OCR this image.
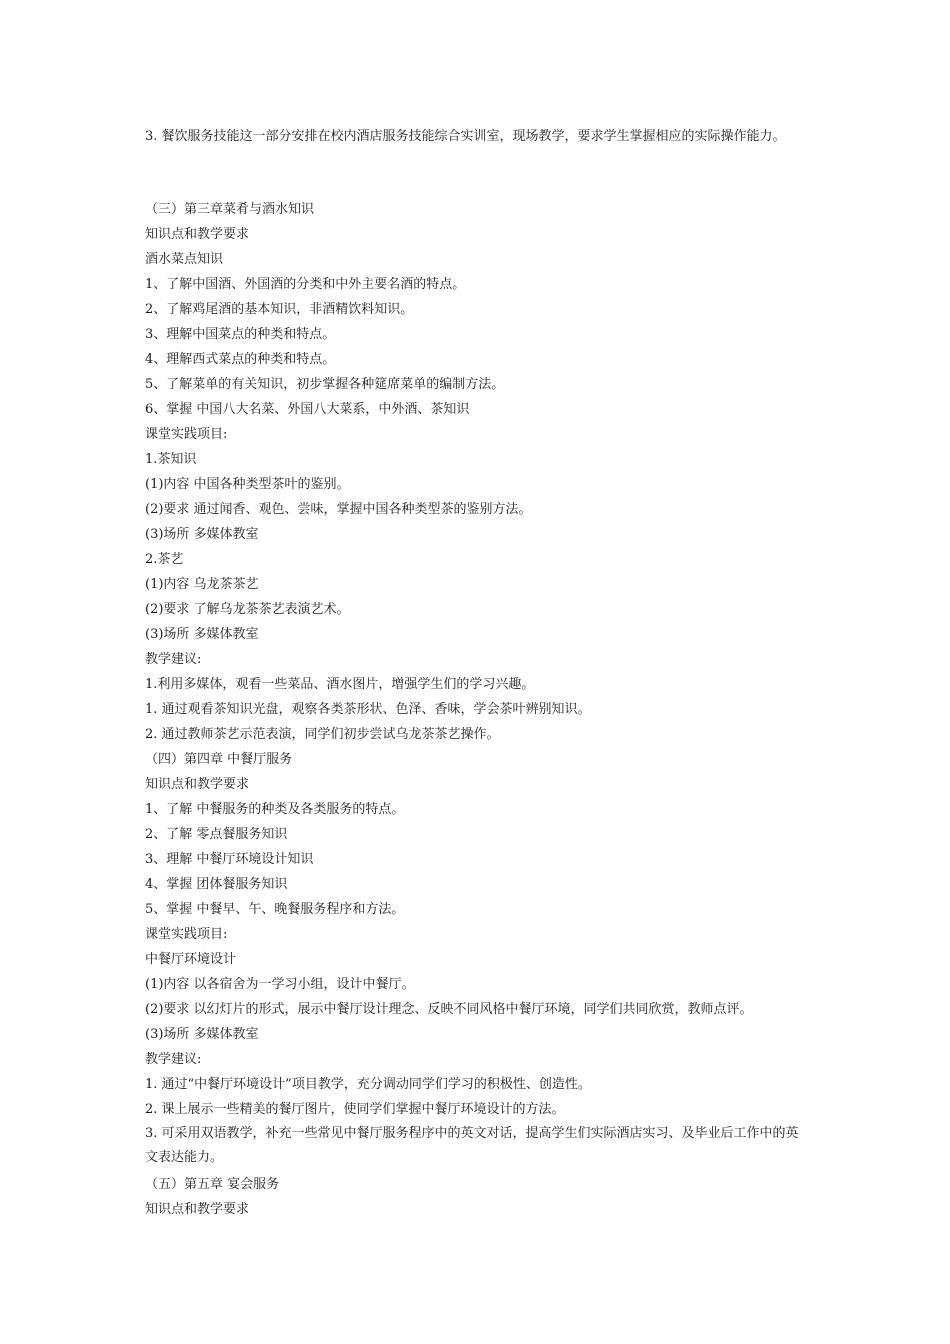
3. 餐饮服务技能这一部分安排在校内酒店服务技能综合实训室，现场教学，要求学生掌握相应的实际操作能力。

（三）第三章菜肴与酒水知识

知识点和教学要求

酒水菜点知识

1、了解中国酒、外国酒的分类和中外主要名酒的特点。

2、了解鸡尾酒的基本知识，非酒精饮料知识。

3、理解中国菜点的种类和特点。

4、理解西式菜点的种类和特点。

5、了解菜单的有关知识，初步掌握各种筵席菜单的编制方法。

6、掌握 中国八大名菜、外国八大菜系，中外酒、茶知识

课堂实践项目:

1.茶知识

(1)内容 中国各种类型茶叶的鉴别。

(2)要求 通过闻香、观色、尝味，掌握中国各种类型茶的鉴别方法。

(3)场所 多媒体教室

2.茶艺

(1)内容 乌龙茶茶艺

(2)要求 了解乌龙茶茶艺表演艺术。

(3)场所 多媒体教室

教学建议:

1.利用多媒体，观看一些菜品、酒水图片，增强学生们的学习兴趣。

1. 通过观看茶知识光盘，观察各类茶形状、色泽、香味，学会茶叶辨别知识。

2. 通过教师茶艺示范表演，同学们初步尝试乌龙茶茶艺操作。

（四）第四章 中餐厅服务

知识点和教学要求

1、了解 中餐服务的种类及各类服务的特点。

2、了解 零点餐服务知识

3、理解 中餐厅环境设计知识

4、掌握 团体餐服务知识

5、掌握 中餐早、午、晚餐服务程序和方法。

课堂实践项目:

中餐厅环境设计

(1)内容 以各宿舍为一学习小组，设计中餐厅。

(2)要求 以幻灯片的形式，展示中餐厅设计理念、反映不同风格中餐厅环境，同学们共同欣赏，教师点评。

(3)场所 多媒体教室

教学建议:

1. 通过“中餐厅环境设计”项目教学，充分调动同学们学习的积极性、创造性。

2. 课上展示一些精美的餐厅图片，使同学们掌握中餐厅环境设计的方法。

3. 可采用双语教学，补充一些常见中餐厅服务程序中的英文对话，提高学生们实际酒店实习、及毕业后工作中的英文表达能力。

（五）第五章 宴会服务

知识点和教学要求
